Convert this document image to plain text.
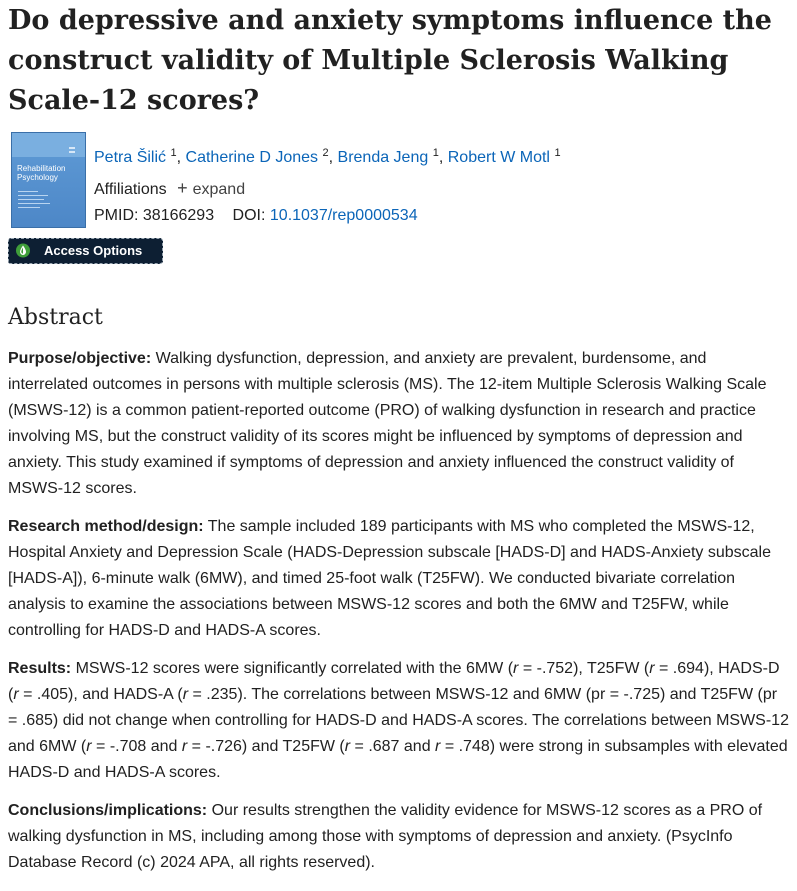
Do depressive and anxiety symptoms influence the construct validity of Multiple Sclerosis Walking Scale-12 scores?
Rehabilitation
Psychology
Petra Šilić $^1$, Catherine D Jones $^2$, Brenda Jeng $^1$, Robert W Motl $^1$
Affiliations + expand
PMID: 38166293 DOI: 10.1037/rep0000534
Access Options
Abstract

Purpose/objective: Walking dysfunction, depression, and anxiety are prevalent, burdensome, and interrelated outcomes in persons with multiple sclerosis (MS). The 12-item Multiple Sclerosis Walking Scale (MSWS-12) is a common patient-reported outcome (PRO) of walking dysfunction in research and practice involving MS, but the construct validity of its scores might be influenced by symptoms of depression and anxiety. This study examined if symptoms of depression and anxiety influenced the construct validity of MSWS-12 scores.

Research method/design: The sample included 189 participants with MS who completed the MSWS-12, Hospital Anxiety and Depression Scale (HADS-Depression subscale [HADS-D] and HADS-Anxiety subscale [HADS-A]), 6-minute walk (6MW), and timed 25-foot walk (T25FW). We conducted bivariate correlation analysis to examine the associations between MSWS-12 scores and both the 6MW and T25FW, while controlling for HADS-D and HADS-A scores.

Results: MSWS-12 scores were significantly correlated with the 6MW (r = -.752), T25FW (r = .694), HADS-D (r = .405), and HADS-A (r = .235). The correlations between MSWS-12 and 6MW (pr = -.725) and T25FW (pr = .685) did not change when controlling for HADS-D and HADS-A scores. The correlations between MSWS-12 and 6MW (r = -.708 and r = -.726) and T25FW (r = .687 and r = .748) were strong in subsamples with elevated HADS-D and HADS-A scores.

Conclusions/implications: Our results strengthen the validity evidence for MSWS-12 scores as a PRO of walking dysfunction in MS, including among those with symptoms of depression and anxiety. (PsycInfo Database Record (c) 2024 APA, all rights reserved).
